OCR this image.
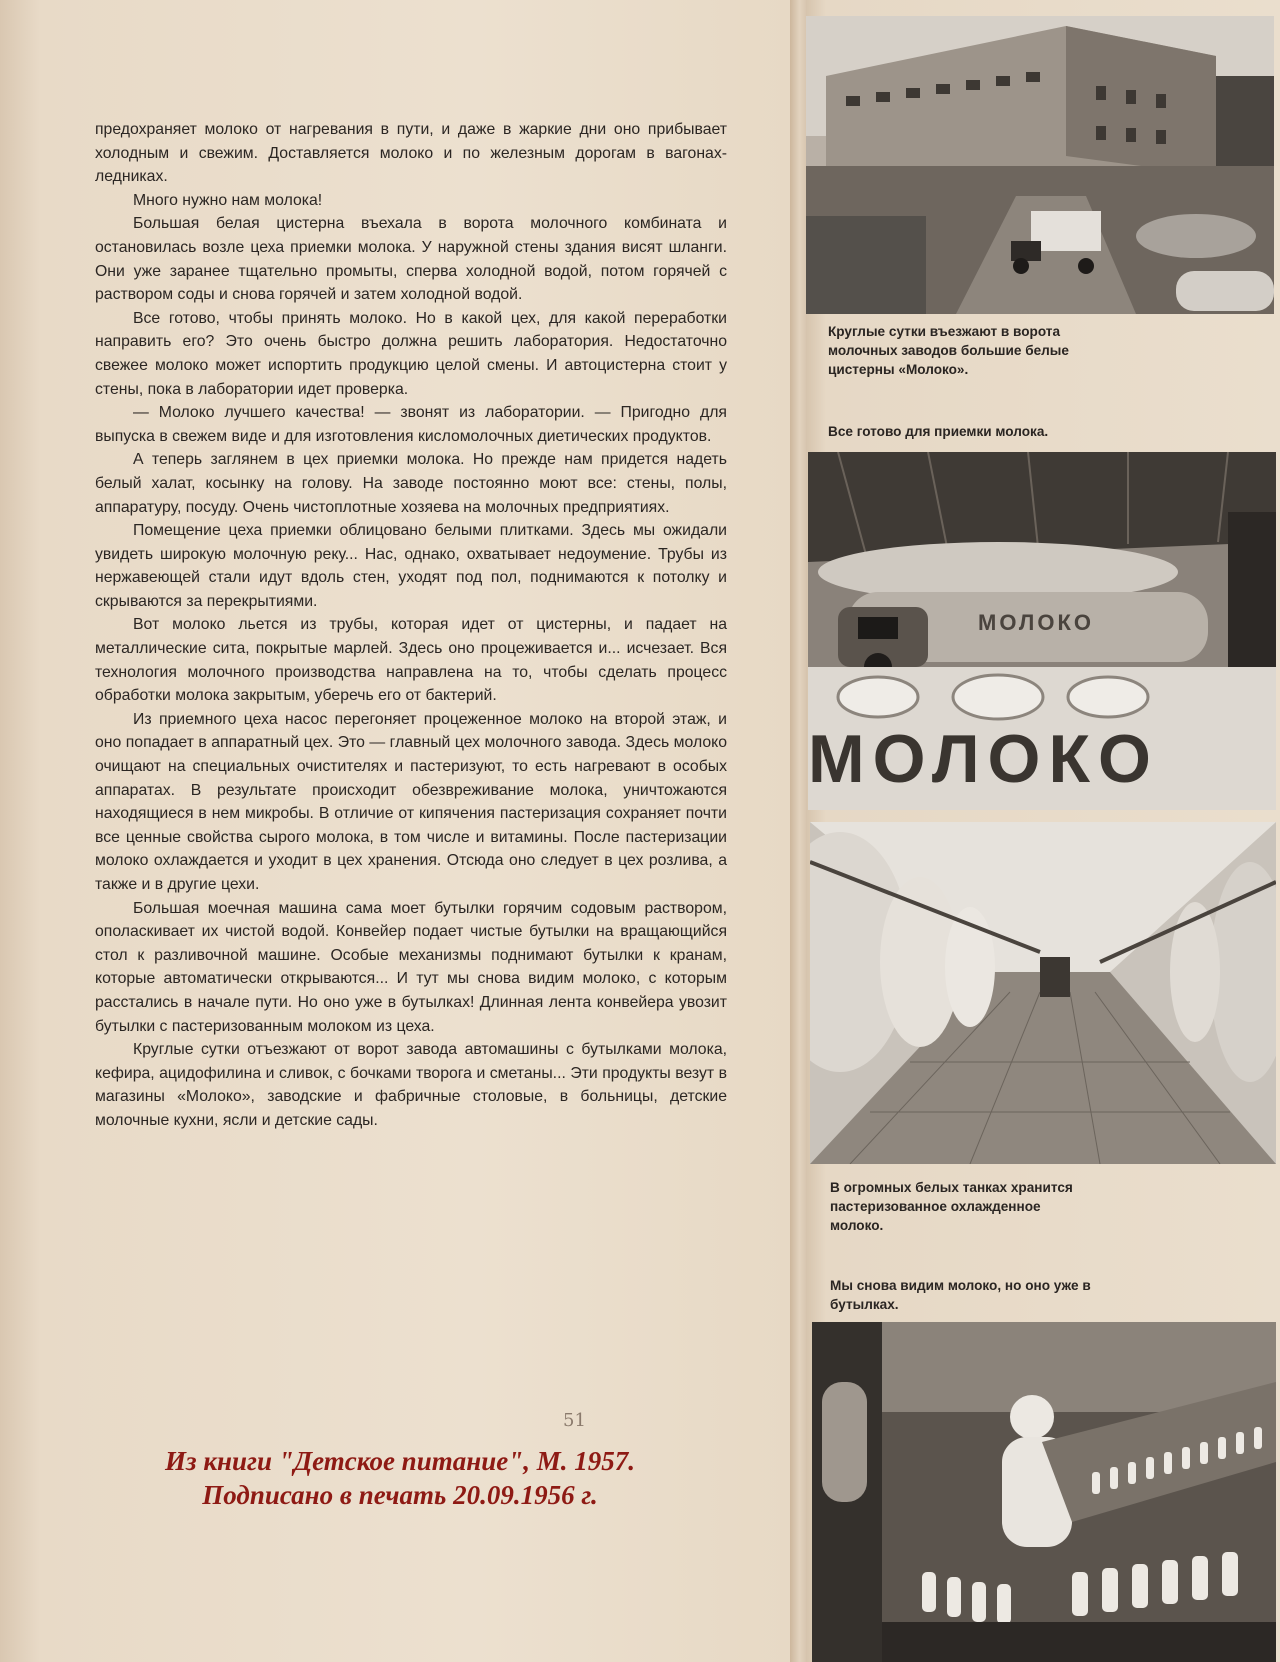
предохраняет молоко от нагревания в пути, и даже в жаркие дни оно прибывает холодным и свежим. Доставляется молоко и по железным дорогам в вагонах-ледниках.

Много нужно нам молока!

Большая белая цистерна въехала в ворота молочного комбината и остановилась возле цеха приемки молока. У наружной стены здания висят шланги. Они уже заранее тщательно промыты, сперва холодной водой, потом горячей с раствором соды и снова горячей и затем холодной водой.

Все готово, чтобы принять молоко. Но в какой цех, для какой переработки направить его? Это очень быстро должна решить лаборатория. Недостаточно свежее молоко может испортить продукцию целой смены. И автоцистерна стоит у стены, пока в лаборатории идет проверка.

— Молоко лучшего качества! — звонят из лаборатории. — Пригодно для выпуска в свежем виде и для изготовления кисломолочных диетических продуктов.

А теперь заглянем в цех приемки молока. Но прежде нам придется надеть белый халат, косынку на голову. На заводе постоянно моют все: стены, полы, аппаратуру, посуду. Очень чистоплотные хозяева на молочных предприятиях.

Помещение цеха приемки облицовано белыми плитками. Здесь мы ожидали увидеть широкую молочную реку... Нас, однако, охватывает недоумение. Трубы из нержавеющей стали идут вдоль стен, уходят под пол, поднимаются к потолку и скрываются за перекрытиями.

Вот молоко льется из трубы, которая идет от цистерны, и падает на металлические сита, покрытые марлей. Здесь оно процеживается и... исчезает. Вся технология молочного производства направлена на то, чтобы сделать процесс обработки молока закрытым, уберечь его от бактерий.

Из приемного цеха насос перегоняет процеженное молоко на второй этаж, и оно попадает в аппаратный цех. Это — главный цех молочного завода. Здесь молоко очищают на специальных очистителях и пастеризуют, то есть нагревают в особых аппаратах. В результате происходит обезвреживание молока, уничтожаются находящиеся в нем микробы. В отличие от кипячения пастеризация сохраняет почти все ценные свойства сырого молока, в том числе и витамины. После пастеризации молоко охлаждается и уходит в цех хранения. Отсюда оно следует в цех розлива, а также и в другие цехи.

Большая моечная машина сама моет бутылки горячим содовым раствором, ополаскивает их чистой водой. Конвейер подает чистые бутылки на вращающийся стол к разливочной машине. Особые механизмы поднимают бутылки к кранам, которые автоматически открываются... И тут мы снова видим молоко, с которым расстались в начале пути. Но оно уже в бутылках! Длинная лента конвейера увозит бутылки с пастеризованным молоком из цеха.

Круглые сутки отъезжают от ворот завода автомашины с бутылками молока, кефира, ацидофилина и сливок, с бочками творога и сметаны... Эти продукты везут в магазины «Молоко», заводские и фабричные столовые, в больницы, детские молочные кухни, ясли и детские сады.

51
Из книги "Детское питание", М. 1957.
Подписано в печать 20.09.1956 г.
Круглые сутки въезжают в ворота молочных заводов большие белые цистерны «Молоко».
Все готово для приемки молока.
МОЛОКО
МОЛОКО
В огромных белых танках хранится пастеризованное охлажденное молоко.
Мы снова видим молоко, но оно уже в бутылках.
